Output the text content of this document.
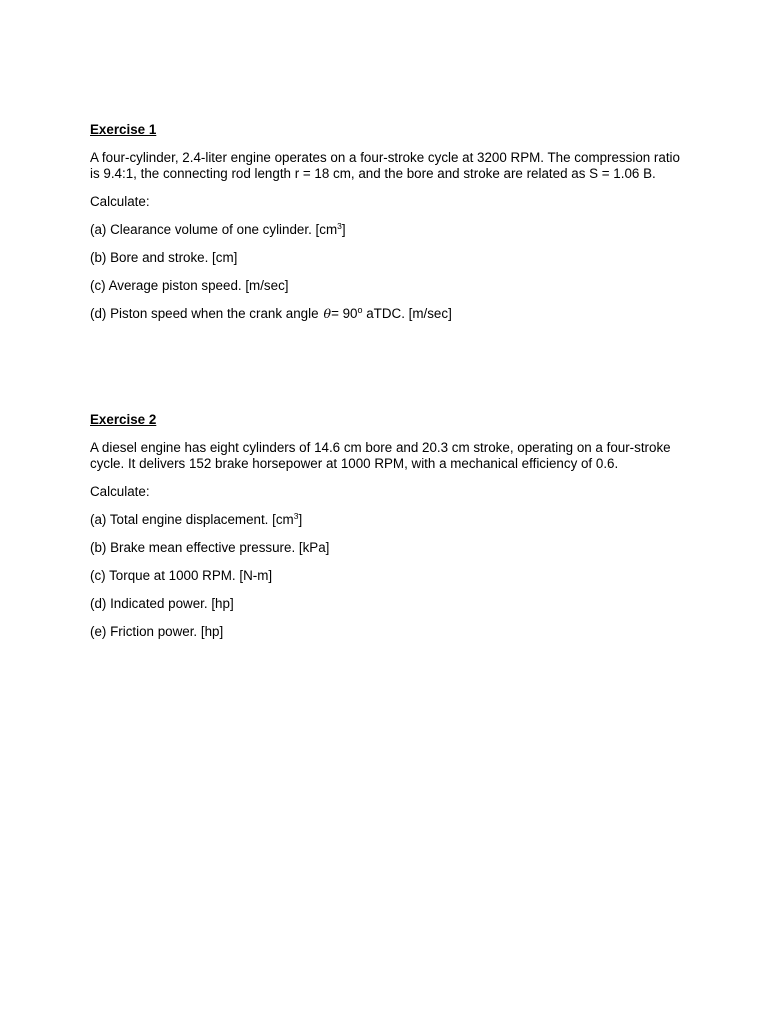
Exercise 1
A four-cylinder, 2.4-liter engine operates on a four-stroke cycle at 3200 RPM. The compression ratio is 9.4:1, the connecting rod length r = 18 cm, and the bore and stroke are related as S = 1.06 B.
Calculate:
(a) Clearance volume of one cylinder. $[cm^3]$
(b) Bore and stroke. [cm]
(c) Average piston speed. [m/sec]
(d) Piston speed when the crank angle $\theta= 90^o$ aTDC. [m/sec]
Exercise 2
A diesel engine has eight cylinders of 14.6 cm bore and 20.3 cm stroke, operating on a four-stroke cycle. It delivers 152 brake horsepower at 1000 RPM, with a mechanical efficiency of 0.6.
Calculate:
(a) Total engine displacement. $[cm^3]$
(b) Brake mean effective pressure. [kPa]
(c) Torque at 1000 RPM. [N-m]
(d) Indicated power. [hp]
(e) Friction power. [hp]
